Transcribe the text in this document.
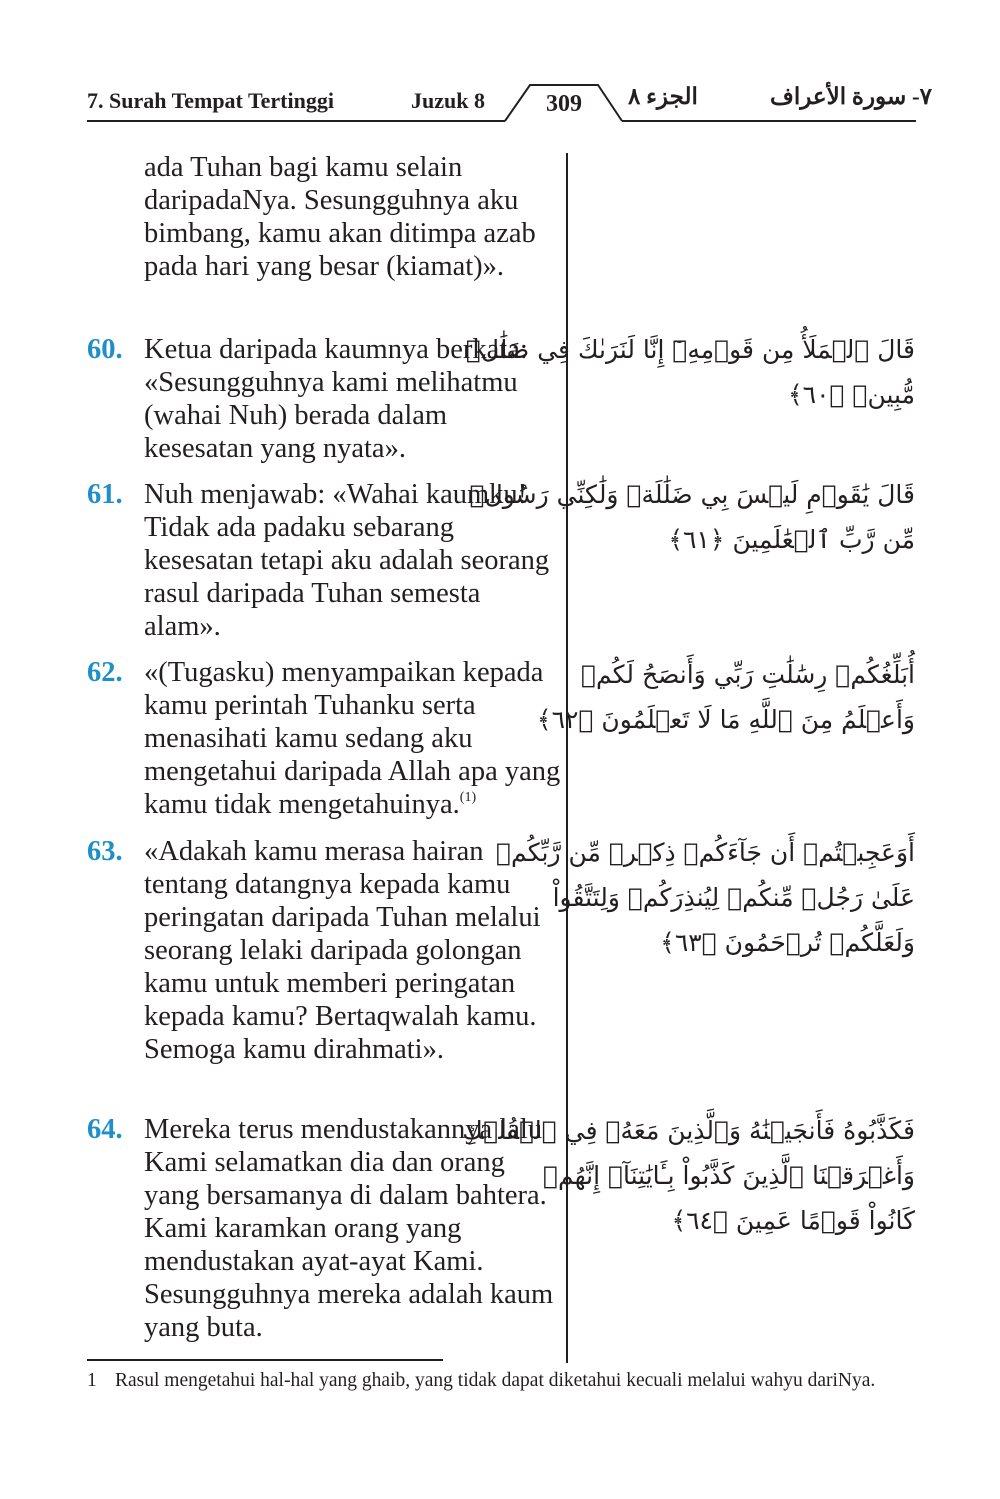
7. Surah Tempat Tertinggi	Juzuk 8	309	الجزء ٨	٧- سورة الأعراف
ada Tuhan bagi kamu selain daripadaNya. Sesungguhnya aku bimbang, kamu akan ditimpa azab pada hari yang besar (kiamat)».
60. Ketua daripada kaumnya berkata: «Sesungguhnya kami melihatmu (wahai Nuh) berada dalam kesesatan yang nyata».
قَالَ ٱلۡمَلَأُ مِن قَوۡمِهِۦٓ إِنَّا لَنَرَىٰكَ فِي ضَلَٰلٖ
مُّبِينٖ ﴿٦٠﴾
61. Nuh menjawab: «Wahai kaumku! Tidak ada padaku sebarang kesesatan tetapi aku adalah seorang rasul daripada Tuhan semesta alam».
قَالَ يَٰقَوۡمِ لَيۡسَ بِي ضَلَٰلَةٞ وَلَٰكِنِّي رَسُولٞ
مِّن رَّبِّ ٱلۡعَٰلَمِينَ ﴿٦١﴾
62. «(Tugasku) menyampaikan kepada kamu perintah Tuhanku serta menasihati kamu sedang aku mengetahui daripada Allah apa yang kamu tidak mengetahuinya.$^{(1)}$
أُبَلِّغُكُمۡ رِسَٰلَٰتِ رَبِّي وَأَنصَحُ لَكُمۡ
وَأَعۡلَمُ مِنَ ٱللَّهِ مَا لَا تَعۡلَمُونَ ﴿٦٢﴾
63. «Adakah kamu merasa hairan tentang datangnya kepada kamu peringatan daripada Tuhan melalui seorang lelaki daripada golongan kamu untuk memberi peringatan kepada kamu? Bertaqwalah kamu. Semoga kamu dirahmati».
أَوَعَجِبۡتُمۡ أَن جَآءَكُمۡ ذِكۡرٞ مِّن رَّبِّكُمۡ
عَلَىٰ رَجُلٖ مِّنكُمۡ لِيُنذِرَكُمۡ وَلِتَتَّقُواْ
وَلَعَلَّكُمۡ تُرۡحَمُونَ ﴿٦٣﴾
64. Mereka terus mendustakannya lalu Kami selamatkan dia dan orang yang bersamanya di dalam bahtera. Kami karamkan orang yang mendustakan ayat-ayat Kami. Sesungguhnya mereka adalah kaum yang buta.
فَكَذَّبُوهُ فَأَنجَيۡنَٰهُ وَٱلَّذِينَ مَعَهُۥ فِي ٱلۡفُلۡكِ
وَأَغۡرَقۡنَا ٱلَّذِينَ كَذَّبُواْ بِـَٔايَٰتِنَآۚ إِنَّهُمۡ
كَانُواْ قَوۡمًا عَمِينَ ﴿٦٤﴾
1 Rasul mengetahui hal-hal yang ghaib, yang tidak dapat diketahui kecuali melalui wahyu dariNya.
